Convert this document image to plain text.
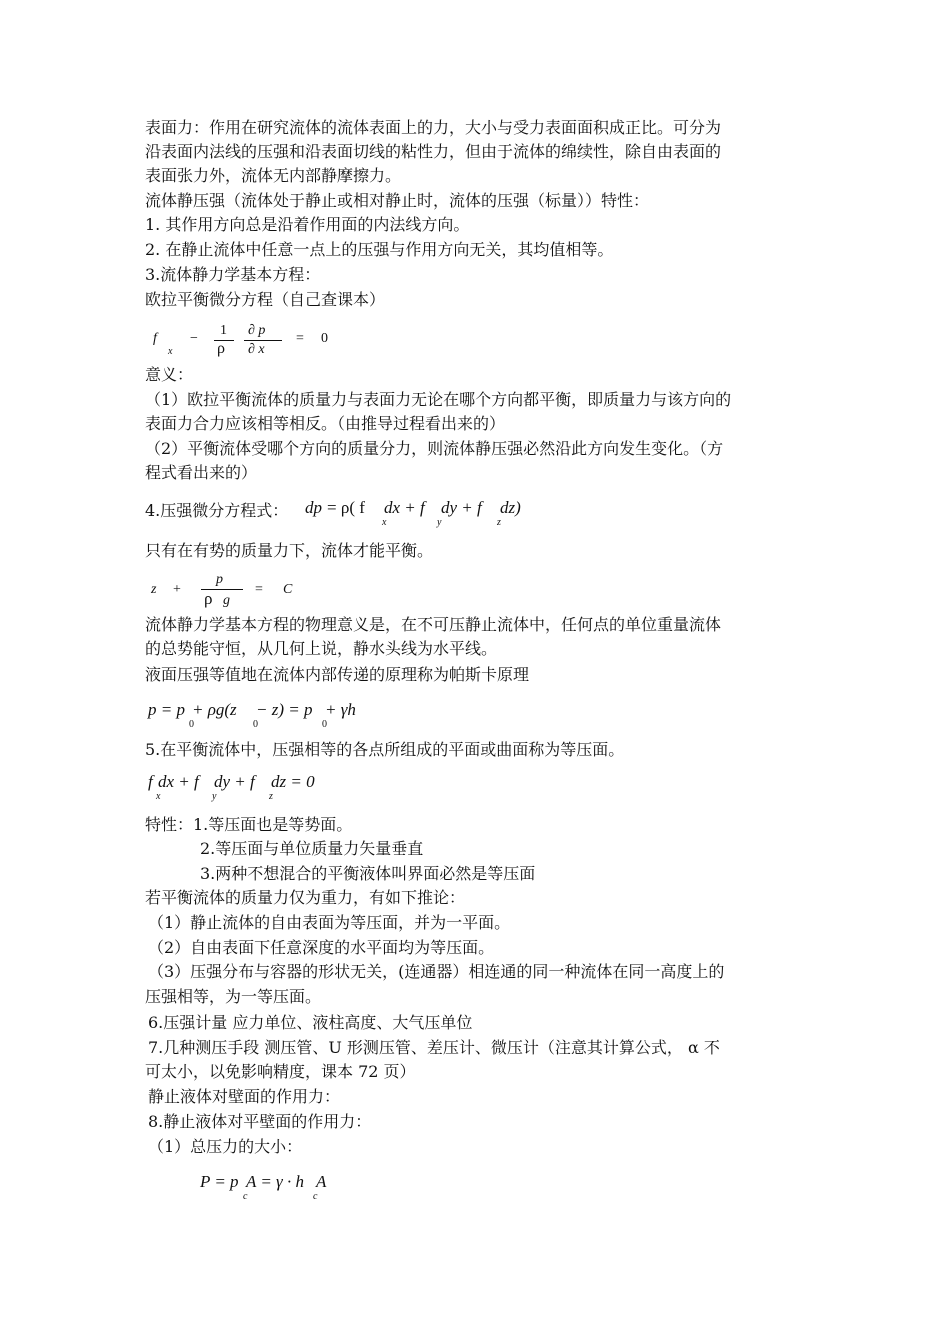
表面力：作用在研究流体的流体表面上的力，大小与受力表面面积成正比。可分为
沿表面内法线的压强和沿表面切线的粘性力，但由于流体的绵续性，除自由表面的
表面张力外，流体无内部静摩擦力。
流体静压强（流体处于静止或相对静止时，流体的压强（标量））特性：
1. 其作用方向总是沿着作用面的内法线方向。
2. 在静止流体中任意一点上的压强与作用方向无关，其均值相等。
3.流体静力学基本方程：
欧拉平衡微分方程（自己查课本）
f
x
−
1
ρ
∂ p
∂ x
= 0
意义：
（1）欧拉平衡流体的质量力与表面力无论在哪个方向都平衡，即质量力与该方向的
表面力合力应该相等相反。（由推导过程看出来的）
（2）平衡流体受哪个方向的质量分力，则流体静压强必然沿此方向发生变化。（方
程式看出来的）
4.压强微分方程式： dp = ρ( f
x
dx + f
y
dy + f
z
dz)
只有在有势的质量力下，流体才能平衡。
z +
p
ρ g
= C
流体静力学基本方程的物理意义是，在不可压静止流体中，任何点的单位重量流体
的总势能守恒，从几何上说，静水头线为水平线。
液面压强等值地在流体内部传递的原理称为帕斯卡原理
p = p
0
+ ρg(z
0
− z) = p
0
+ γh
5.在平衡流体中，压强相等的各点所组成的平面或曲面称为等压面。
f
x
dx + f
y
dy + f
z
dz = 0
特性：1.等压面也是等势面。
2.等压面与单位质量力矢量垂直
3.两种不想混合的平衡液体叫界面必然是等压面
若平衡流体的质量力仅为重力，有如下推论：
（1）静止流体的自由表面为等压面，并为一平面。
（2）自由表面下任意深度的水平面均为等压面。
（3）压强分布与容器的形状无关，(连通器）相连通的同一种流体在同一高度上的
压强相等，为一等压面。
6.压强计量 应力单位、液柱高度、大气压单位
7.几种测压手段 测压管、U 形测压管、差压计、微压计（注意其计算公式， α 不
可太小，以免影响精度，课本 72 页）
静止液体对壁面的作用力：
8.静止液体对平壁面的作用力：
（1）总压力的大小：
P = p
c
A = γ · h
c
A
